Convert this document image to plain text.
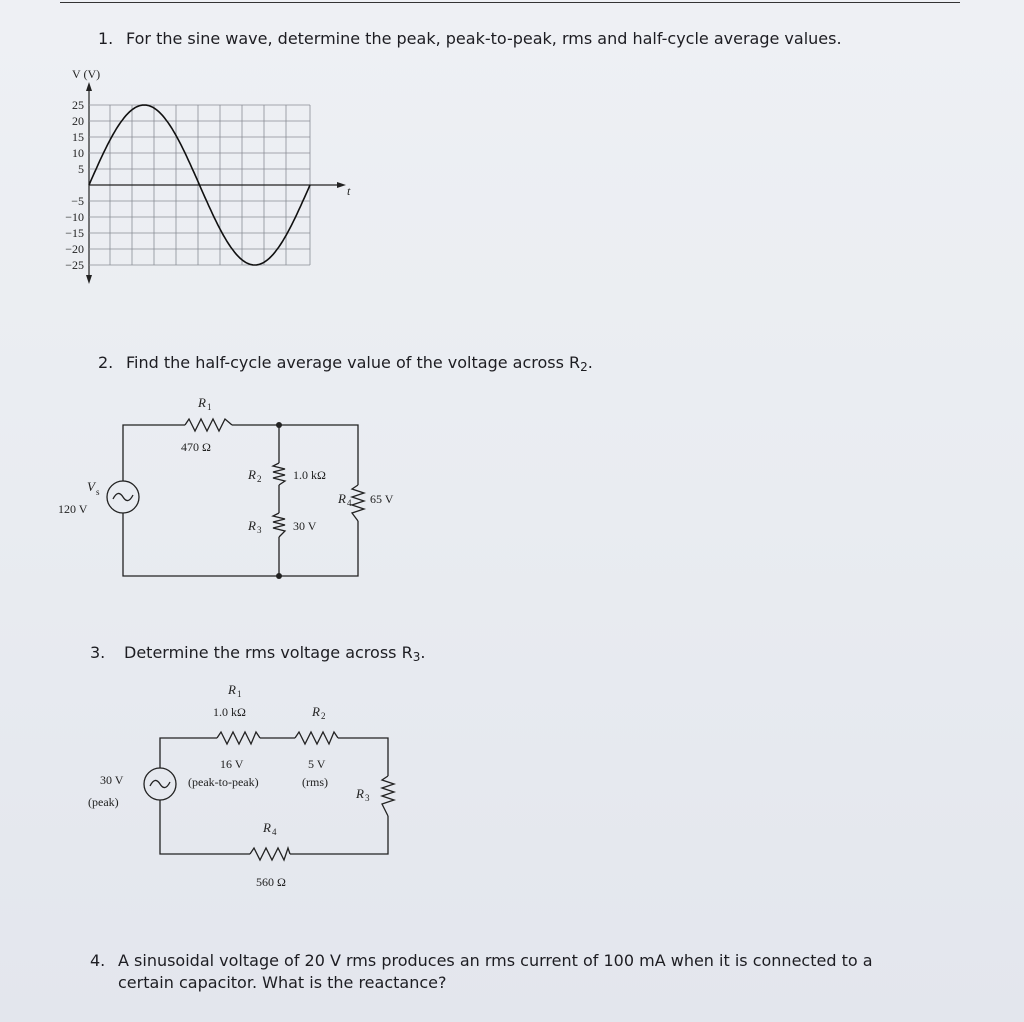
1. For the sine wave, determine the peak, peak-to-peak, rms and half-cycle average values.
V (V)
t
25
20
15
10
5
−5
−10
−15
−20
−25
2. Find the half-cycle average value of the voltage across $R_2$.
R 1
470 Ω
R 2	1.0 kΩ
R 3	30 V
R 4 65 V
V s
120 V
3. Determine the rms voltage across $R_3$.
R 1
1.0 kΩ
16 V
(peak-to-peak)
R 2
5 V
(rms)
R 3
R 4
560 Ω
30 V
(peak)
4. A sinusoidal voltage of 20 V rms produces an rms current of 100 mA when it is connected to a
certain capacitor. What is the reactance?
